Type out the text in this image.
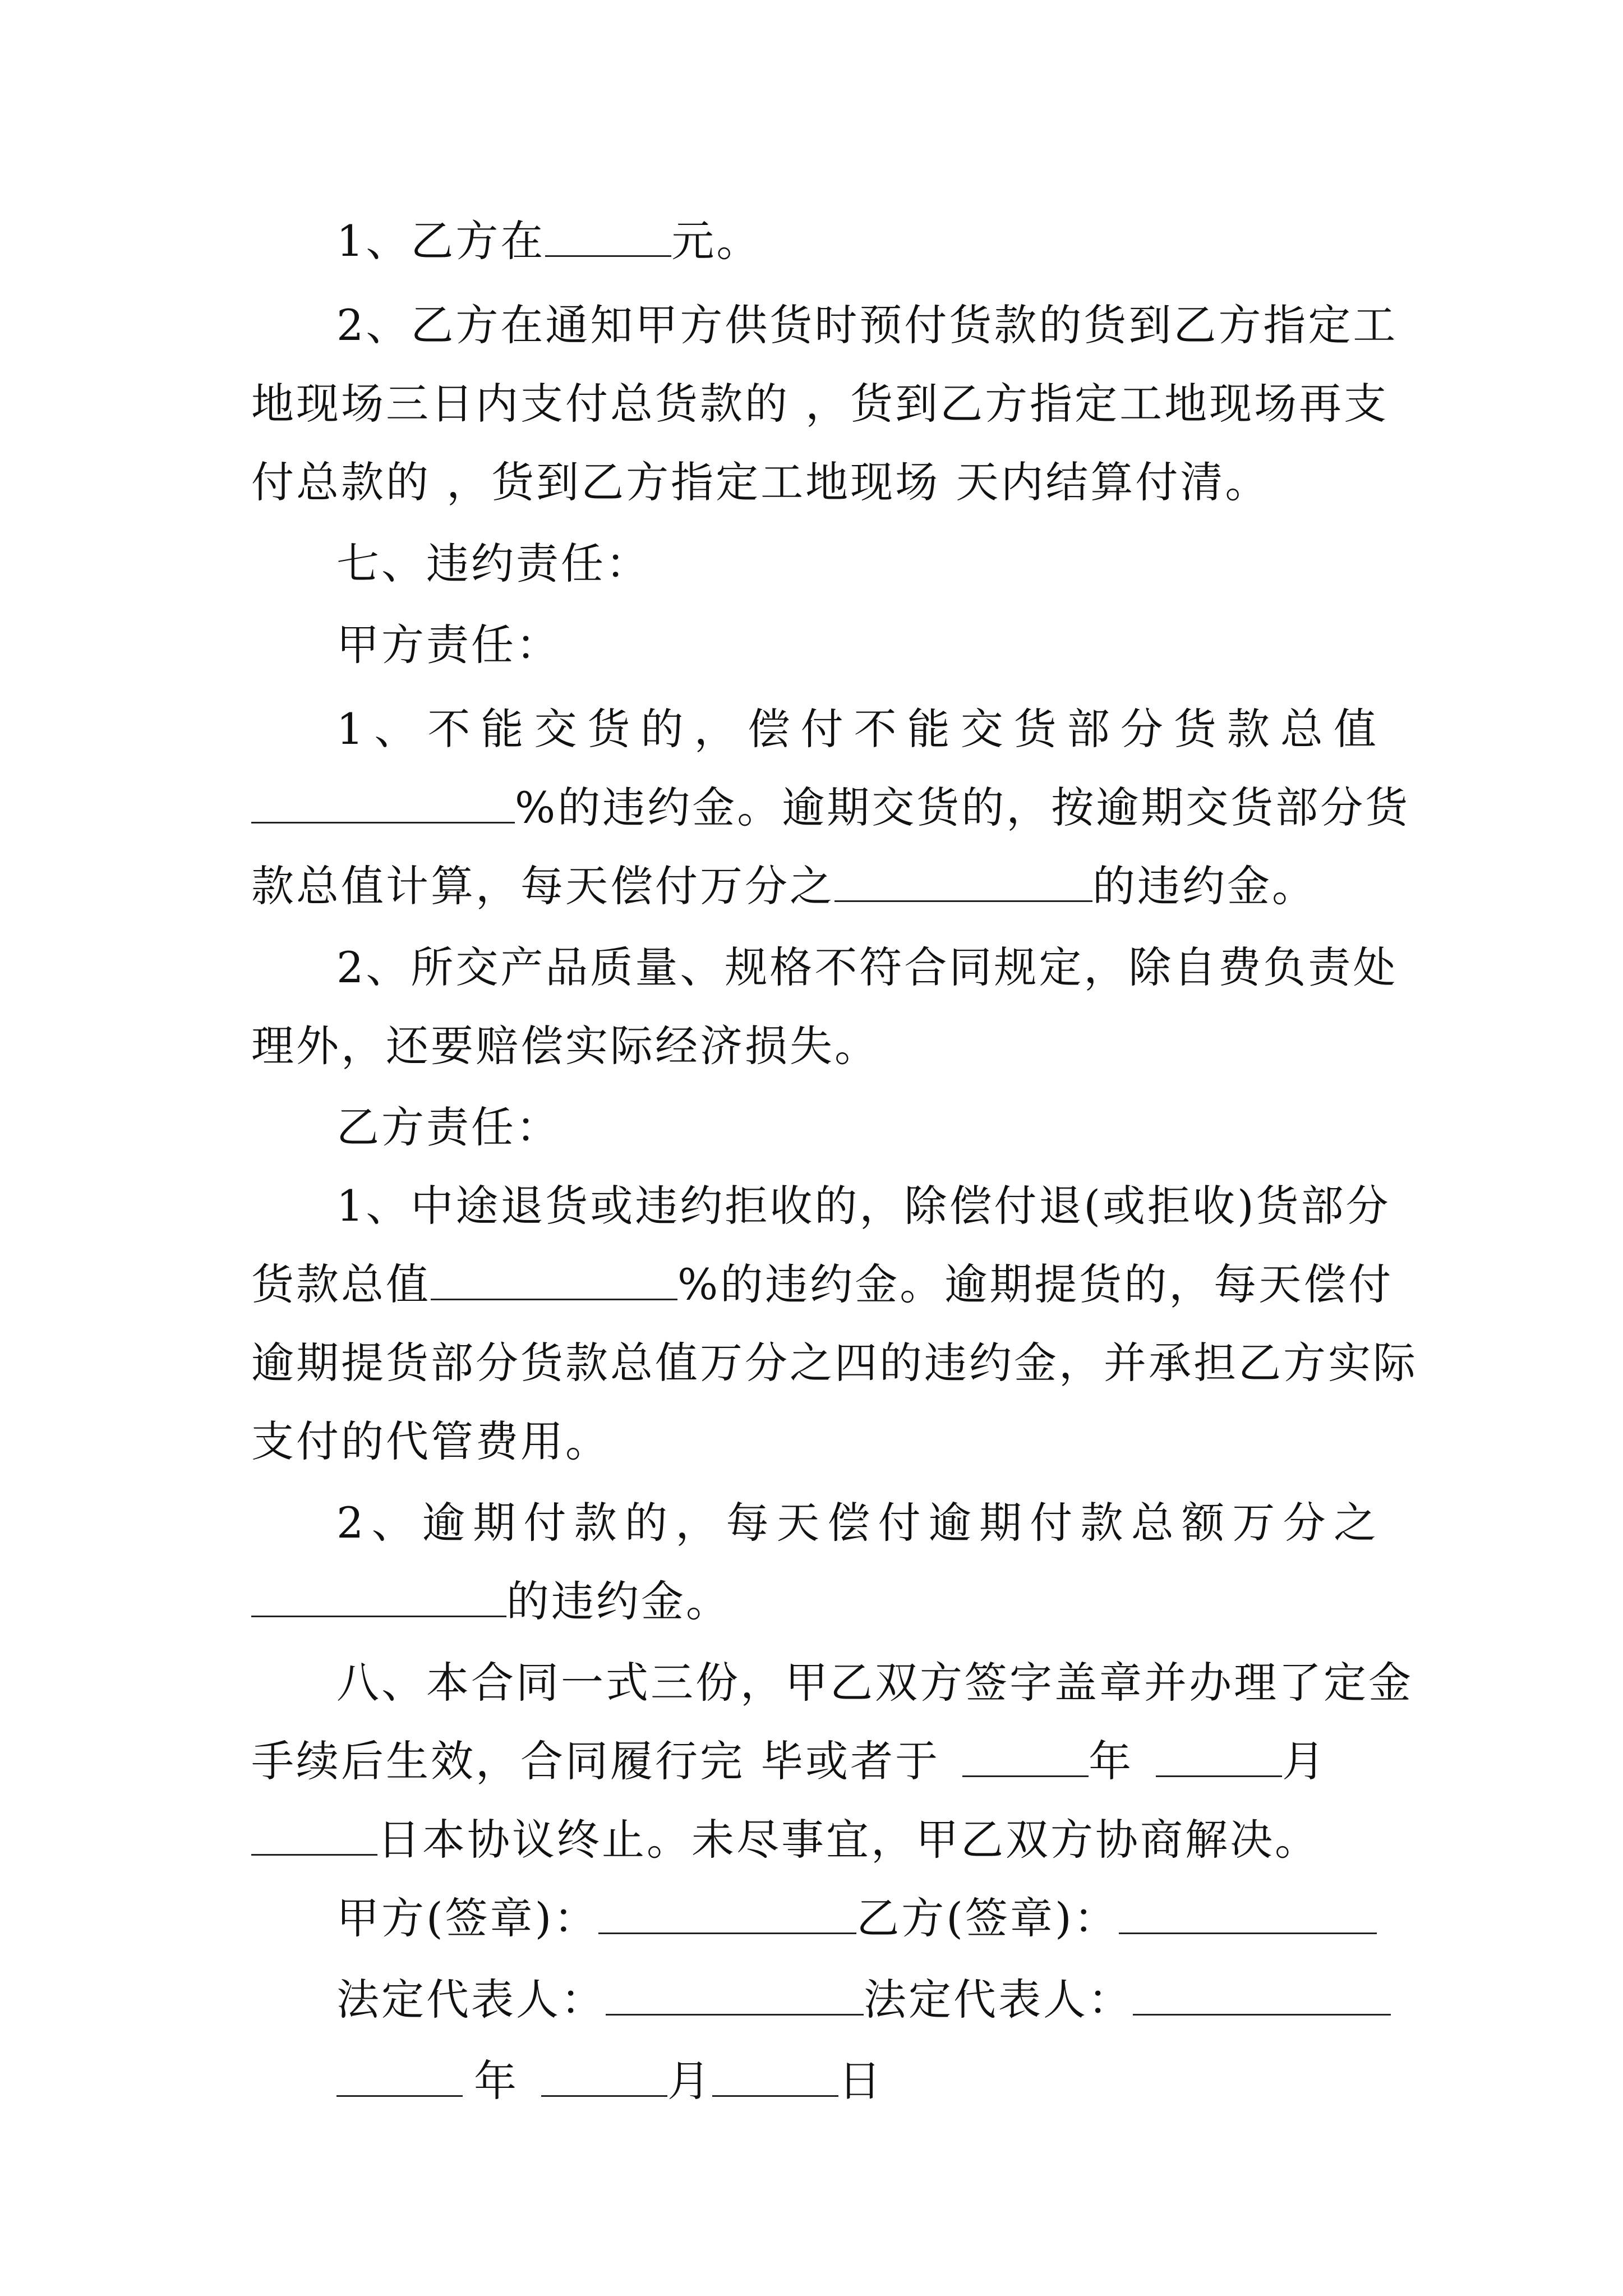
1、乙方在	元。
2、乙方在通知甲方供货时预付货款的货到乙方指定工
地现场三日内支付总货款的 ，货到乙方指定工地现场再支
付总款的 ，货到乙方指定工地现场 天内结算付清。
七、违约责任：
甲方责任：
1 、 不 能 交 货 的 ， 偿 付 不 能 交 货 部 分 货 款 总 值
%的违约金。逾期交货的，按逾期交货部分货
款总值计算，每天偿付万分之	的违约金。
2、所交产品质量、规格不符合同规定，除自费负责处
理外，还要赔偿实际经济损失。
乙方责任：
1、中途退货或违约拒收的，除偿付退(或拒收)货部分
货款总值	%的违约金。逾期提货的，每天偿付
逾期提货部分货款总值万分之四的违约金，并承担乙方实际
支付的代管费用。
2 、 逾 期 付 款 的 ， 每 天 偿 付 逾 期 付 款 总 额 万 分 之
的违约金。
八、本合同一式三份，甲乙双方签字盖章并办理了定金
手续后生效，合同履行完 毕或者于	年	月
日本协议终止。未尽事宜，甲乙双方协商解决。
甲方(签章)：	乙方(签章)：
法定代表人：	法定代表人：
年	月	日
